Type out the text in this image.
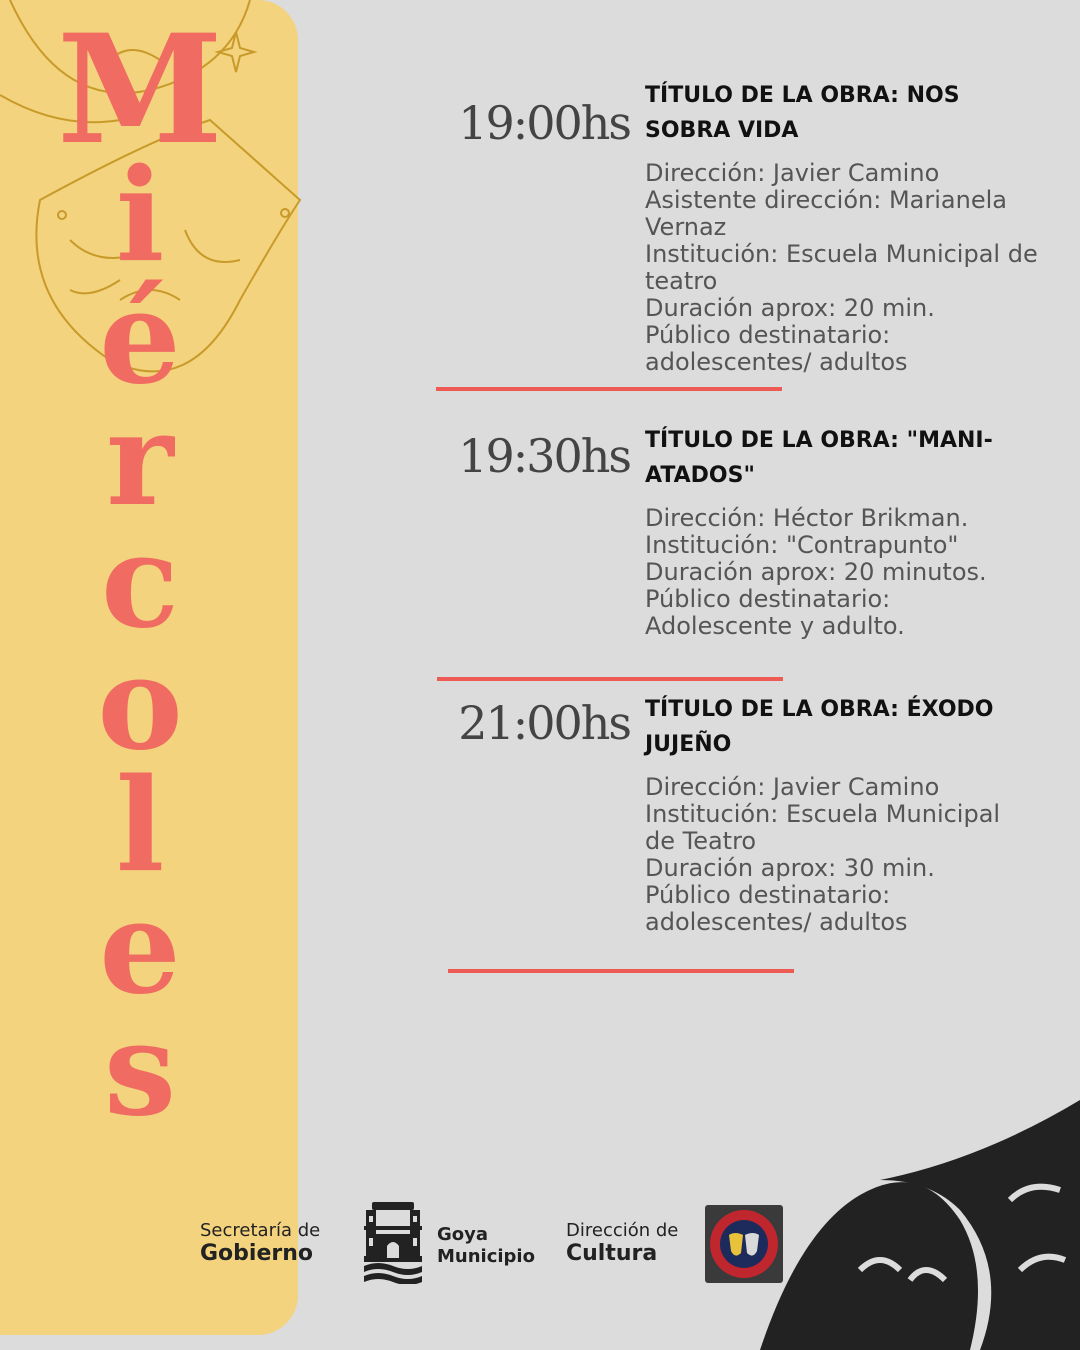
M
i
é
r
c
o
l
e
s
19:00hs
TÍTULO DE LA OBRA: NOS
SOBRA VIDA
Dirección: Javier Camino
Asistente dirección: Marianela
Vernaz
Institución: Escuela Municipal de
teatro
Duración aprox: 20 min.
Público destinatario:
adolescentes/ adultos
19:30hs TÍTULO DE LA OBRA: "MANI-
ATADOS"
Dirección: Héctor Brikman.
Institución: "Contrapunto"
Duración aprox: 20 minutos.
Público destinatario:
Adolescente y adulto.
21:00hs TÍTULO DE LA OBRA: ÉXODO
JUJEÑO
Dirección: Javier Camino
Institución: Escuela Municipal
de Teatro
Duración aprox: 30 min.
Público destinatario:
adolescentes/ adultos
Secretaría de
Gobierno
Goya
Municipio
Dirección de
Cultura
